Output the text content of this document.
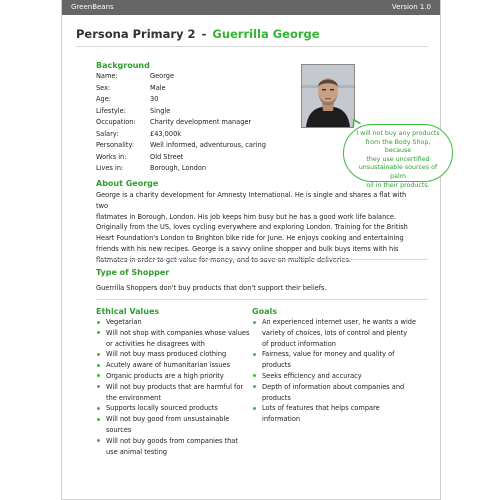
GreenBeans	Version 1.0
Persona Primary 2 - Guerrilla George
Background
Name:	George
Sex:	Male
Age:	30
Lifestyle:	Single
Occupation:	Charity development manager
Salary:	£43,000k
Personality:	Well informed, adventurous, caring
Works in:	Old Street
Lives in:	Borough, London
I will not buy any products
from the Body Shop, because
they use uncertified
unsustainable sources of palm
oil in their products.
About George
George is a charity development for Amnesty International. He is single and shares a flat with two
flatmates in Borough, London. His job keeps him busy but he has a good work life balance.
Originally from the US, loves cycling everywhere and exploring London. Training for the British
Heart Foundation's London to Brighton bike ride for June. He enjoys cooking and entertaining
friends with his new recipes. George is a savvy online shopper and bulk buys items with his
Type of Shopper
Guerrilla Shoppers don't buy products that don't support their beliefs.
Ethical Values
Vegetarian
Will not shop with companies whose values
or activities he disagrees with
Will not buy mass produced clothing
Acutely aware of humanitarian issues
Organic products are a high priority
Will not buy products that are harmful for
the environment
Supports locally sourced products
Will not buy good from unsustainable
sources
Will not buy goods from companies that
use animal testing
Goals
An experienced internet user, he wants a wide
variety of choices, lots of control and plenty
of product information
Fairness, value for money and quality of
products
Seeks efficiency and accuracy
Depth of information about companies and
products
Lots of features that helps compare
information
